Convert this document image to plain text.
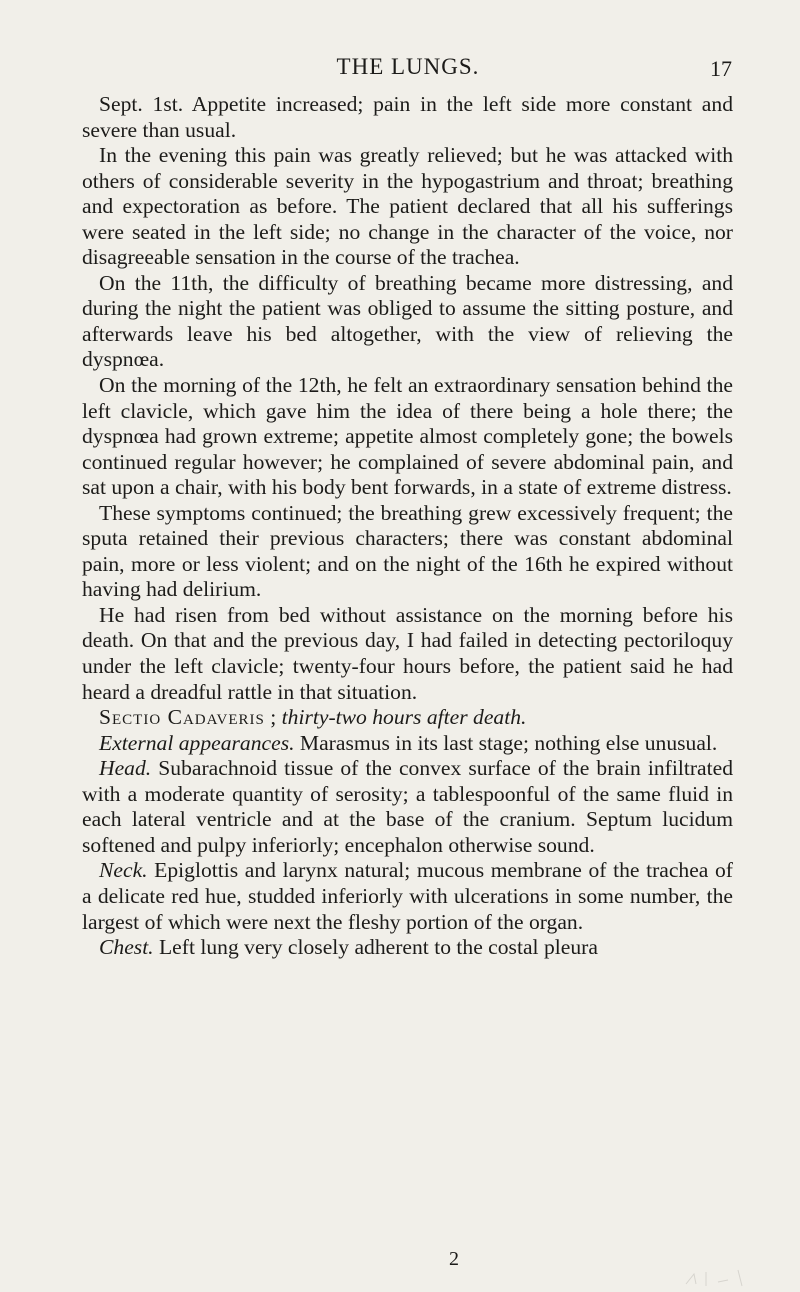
THE LUNGS.	17

Sept. 1st. Appetite increased; pain in the left side more constant and severe than usual.

In the evening this pain was greatly relieved; but he was attacked with others of considerable severity in the hypogastrium and throat; breathing and expectoration as before. The patient declared that all his sufferings were seated in the left side; no change in the character of the voice, nor disagreeable sensation in the course of the trachea.

On the 11th, the difficulty of breathing became more distressing, and during the night the patient was obliged to assume the sitting posture, and afterwards leave his bed altogether, with the view of relieving the dyspnœa.

On the morning of the 12th, he felt an extraordinary sensation behind the left clavicle, which gave him the idea of there being a hole there; the dyspnœa had grown extreme; appetite almost completely gone; the bowels continued regular however; he complained of severe abdominal pain, and sat upon a chair, with his body bent forwards, in a state of extreme distress.

These symptoms continued; the breathing grew excessively frequent; the sputa retained their previous characters; there was constant abdominal pain, more or less violent; and on the night of the 16th he expired without having had delirium.

He had risen from bed without assistance on the morning before his death. On that and the previous day, I had failed in detecting pectoriloquy under the left clavicle; twenty-four hours before, the patient said he had heard a dreadful rattle in that situation.

Sectio Cadaveris ; thirty-two hours after death.

External appearances. Marasmus in its last stage; nothing else unusual.

Head. Subarachnoid tissue of the convex surface of the brain infiltrated with a moderate quantity of serosity; a tablespoonful of the same fluid in each lateral ventricle and at the base of the cranium. Septum lucidum softened and pulpy inferiorly; encephalon otherwise sound.

Neck. Epiglottis and larynx natural; mucous membrane of the trachea of a delicate red hue, studded inferiorly with ulcerations in some number, the largest of which were next the fleshy portion of the organ.

Chest. Left lung very closely adherent to the costal pleura

2
